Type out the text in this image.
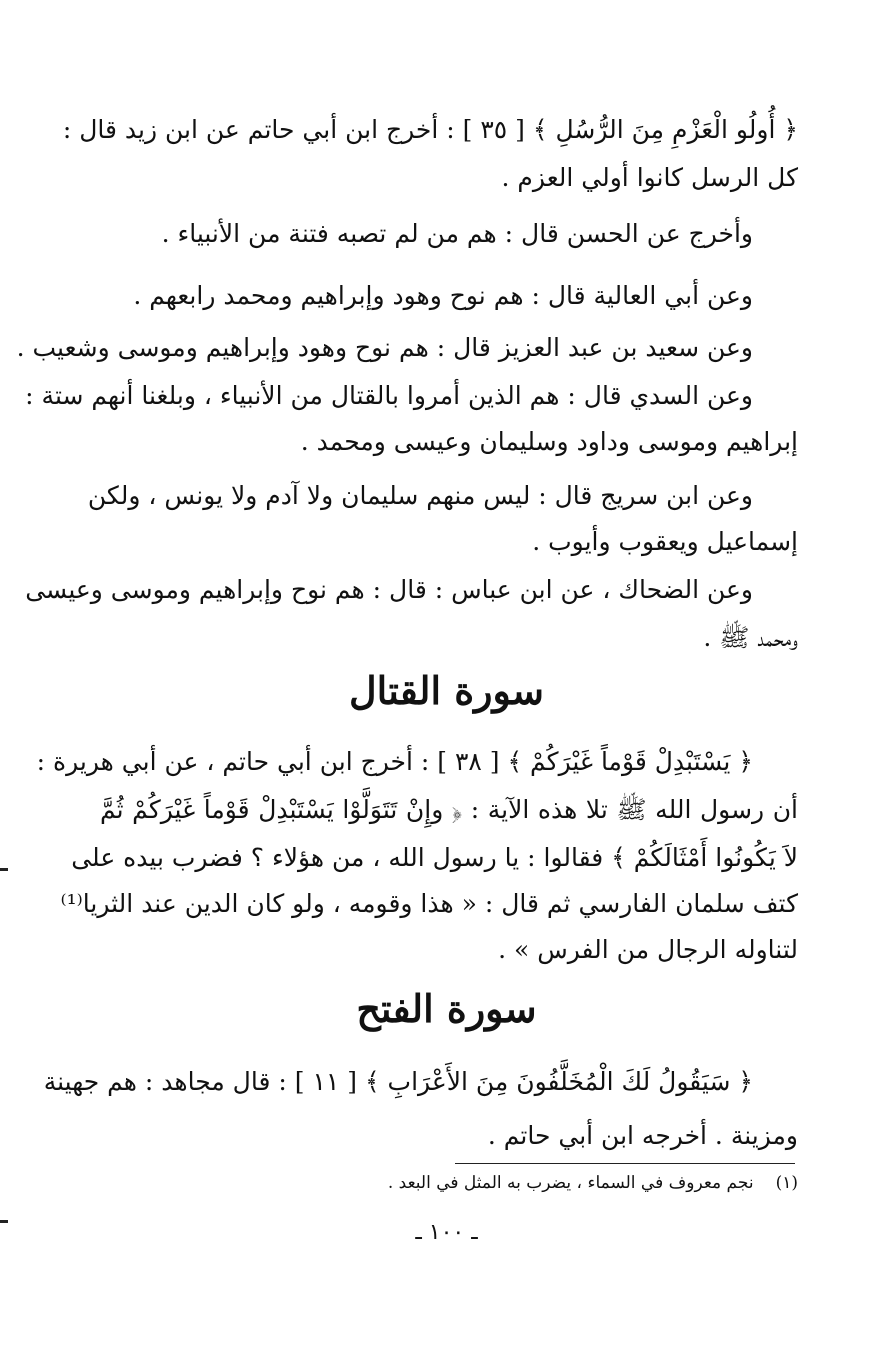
﴿ أُولُو الْعَزْمِ مِنَ الرُّسُلِ ﴾ [ ٣٥ ] : أخرج ابن أبي حاتم عن ابن زيد قال :
كل الرسل كانوا أولي العزم .
وأخرج عن الحسن قال : هم من لم تصبه فتنة من الأنبياء .
وعن أبي العالية قال : هم نوح وهود وإبراهيم ومحمد رابعهم .
وعن سعيد بن عبد العزيز قال : هم نوح وهود وإبراهيم وموسى وشعيب .
وعن السدي قال : هم الذين أمروا بالقتال من الأنبياء ، وبلغنا أنهم ستة :
إبراهيم وموسى وداود وسليمان وعيسى ومحمد .
وعن ابن سريج قال : ليس منهم سليمان ولا آدم ولا يونس ، ولكن
إسماعيل ويعقوب وأيوب .
وعن الضحاك ، عن ابن عباس : قال : هم نوح وإبراهيم وموسى وعيسى
ومحمد ﷺ .
سورة القتال
﴿ يَسْتَبْدِلْ قَوْماً غَيْرَكُمْ ﴾ [ ٣٨ ] : أخرج ابن أبي حاتم ، عن أبي هريرة :
أن رسول الله ﷺ تلا هذه الآية : ﴿ وإِنْ تَتَوَلَّوْا يَسْتَبْدِلْ قَوْماً غَيْرَكُمْ ثُمَّ
لاَ يَكُونُوا أَمْثَالَكُمْ ﴾ فقالوا : يا رسول الله ، من هؤلاء ؟ فضرب بيده على
كتف سلمان الفارسي ثم قال : « هذا وقومه ، ولو كان الدين عند الثريا⁽¹⁾
لتناوله الرجال من الفرس » .
سورة الفتح
﴿ سَيَقُولُ لَكَ الْمُخَلَّفُونَ مِنَ الأَعْرَابِ ﴾ [ ١١ ] : قال مجاهد : هم جهينة
ومزينة . أخرجه ابن أبي حاتم .
(١)نجم معروف في السماء ، يضرب به المثل في البعد .
ـ ١٠٠ ـ
